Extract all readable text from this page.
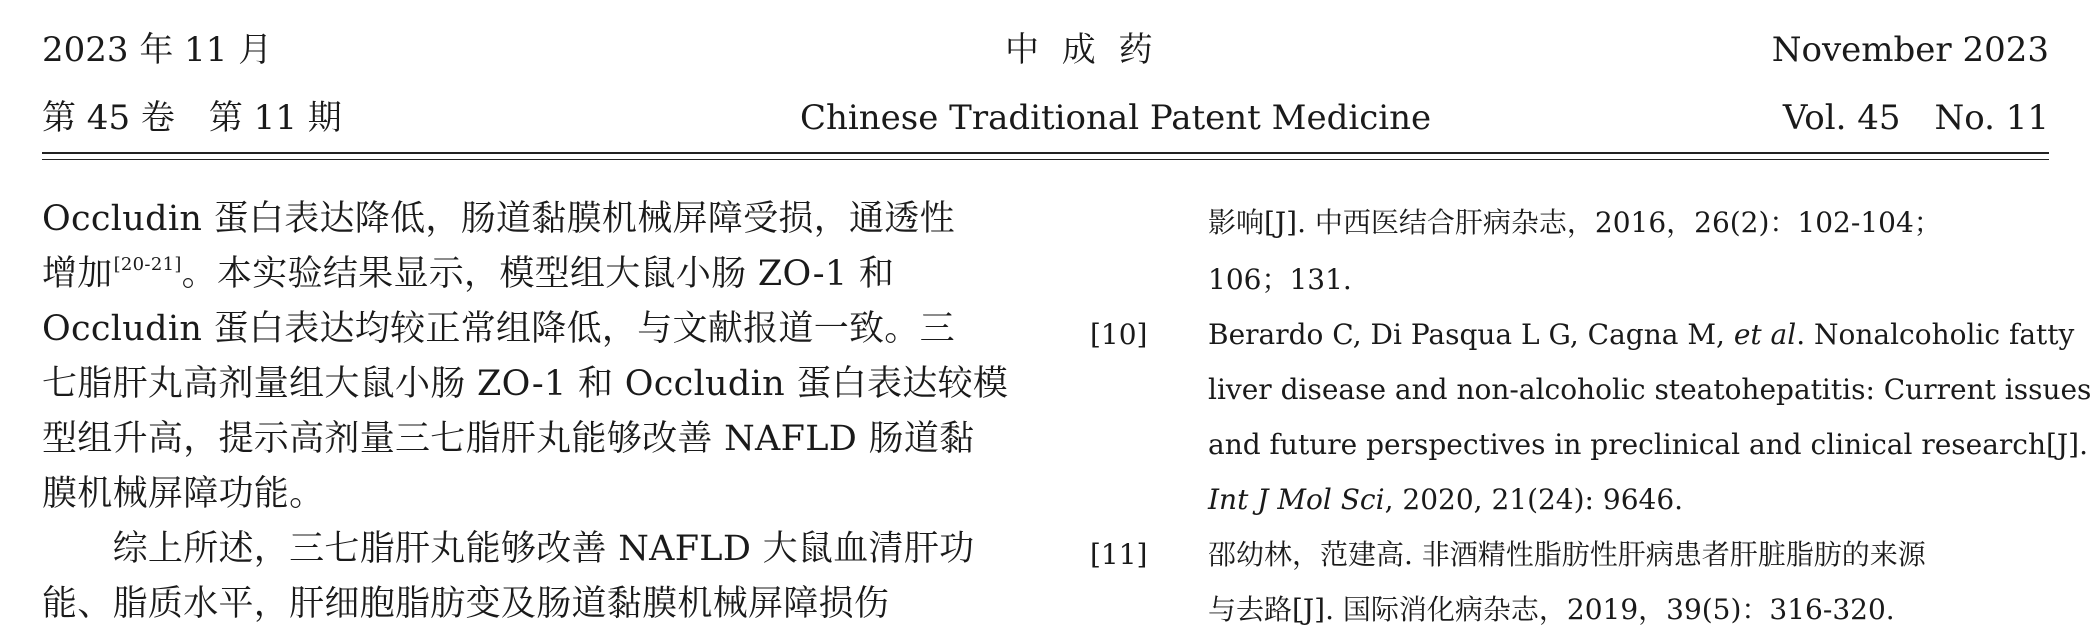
2023 年 11 月
第 45 卷　第 11 期
中 成 药
Chinese Traditional Patent Medicine
November 2023
Vol. 45　No. 11
Occludin 蛋白表达降低，肠道黏膜机械屏障受损，通透性
增加[20-21]。本实验结果显示，模型组大鼠小肠 ZO-1 和
Occludin 蛋白表达均较正常组降低，与文献报道一致。三
七脂肝丸高剂量组大鼠小肠 ZO-1 和 Occludin 蛋白表达较模
型组升高，提示高剂量三七脂肝丸能够改善 NAFLD 肠道黏
膜机械屏障功能。
　　综上所述，三七脂肝丸能够改善 NAFLD 大鼠血清肝功
能、脂质水平，肝细胞脂肪变及肠道黏膜机械屏障损伤
影响[J]. 中西医结合肝病杂志，2016，26(2)：102-104；
106；131.
[10] Berardo C, Di Pasqua L G, Cagna M, et al. Nonalcoholic fatty
liver disease and non-alcoholic steatohepatitis: Current issues
and future perspectives in preclinical and clinical research[J].
Int J Mol Sci, 2020, 21(24): 9646.
[11] 邵幼林，范建高. 非酒精性脂肪性肝病患者肝脏脂肪的来源
与去路[J]. 国际消化病杂志，2019，39(5)：316-320.
